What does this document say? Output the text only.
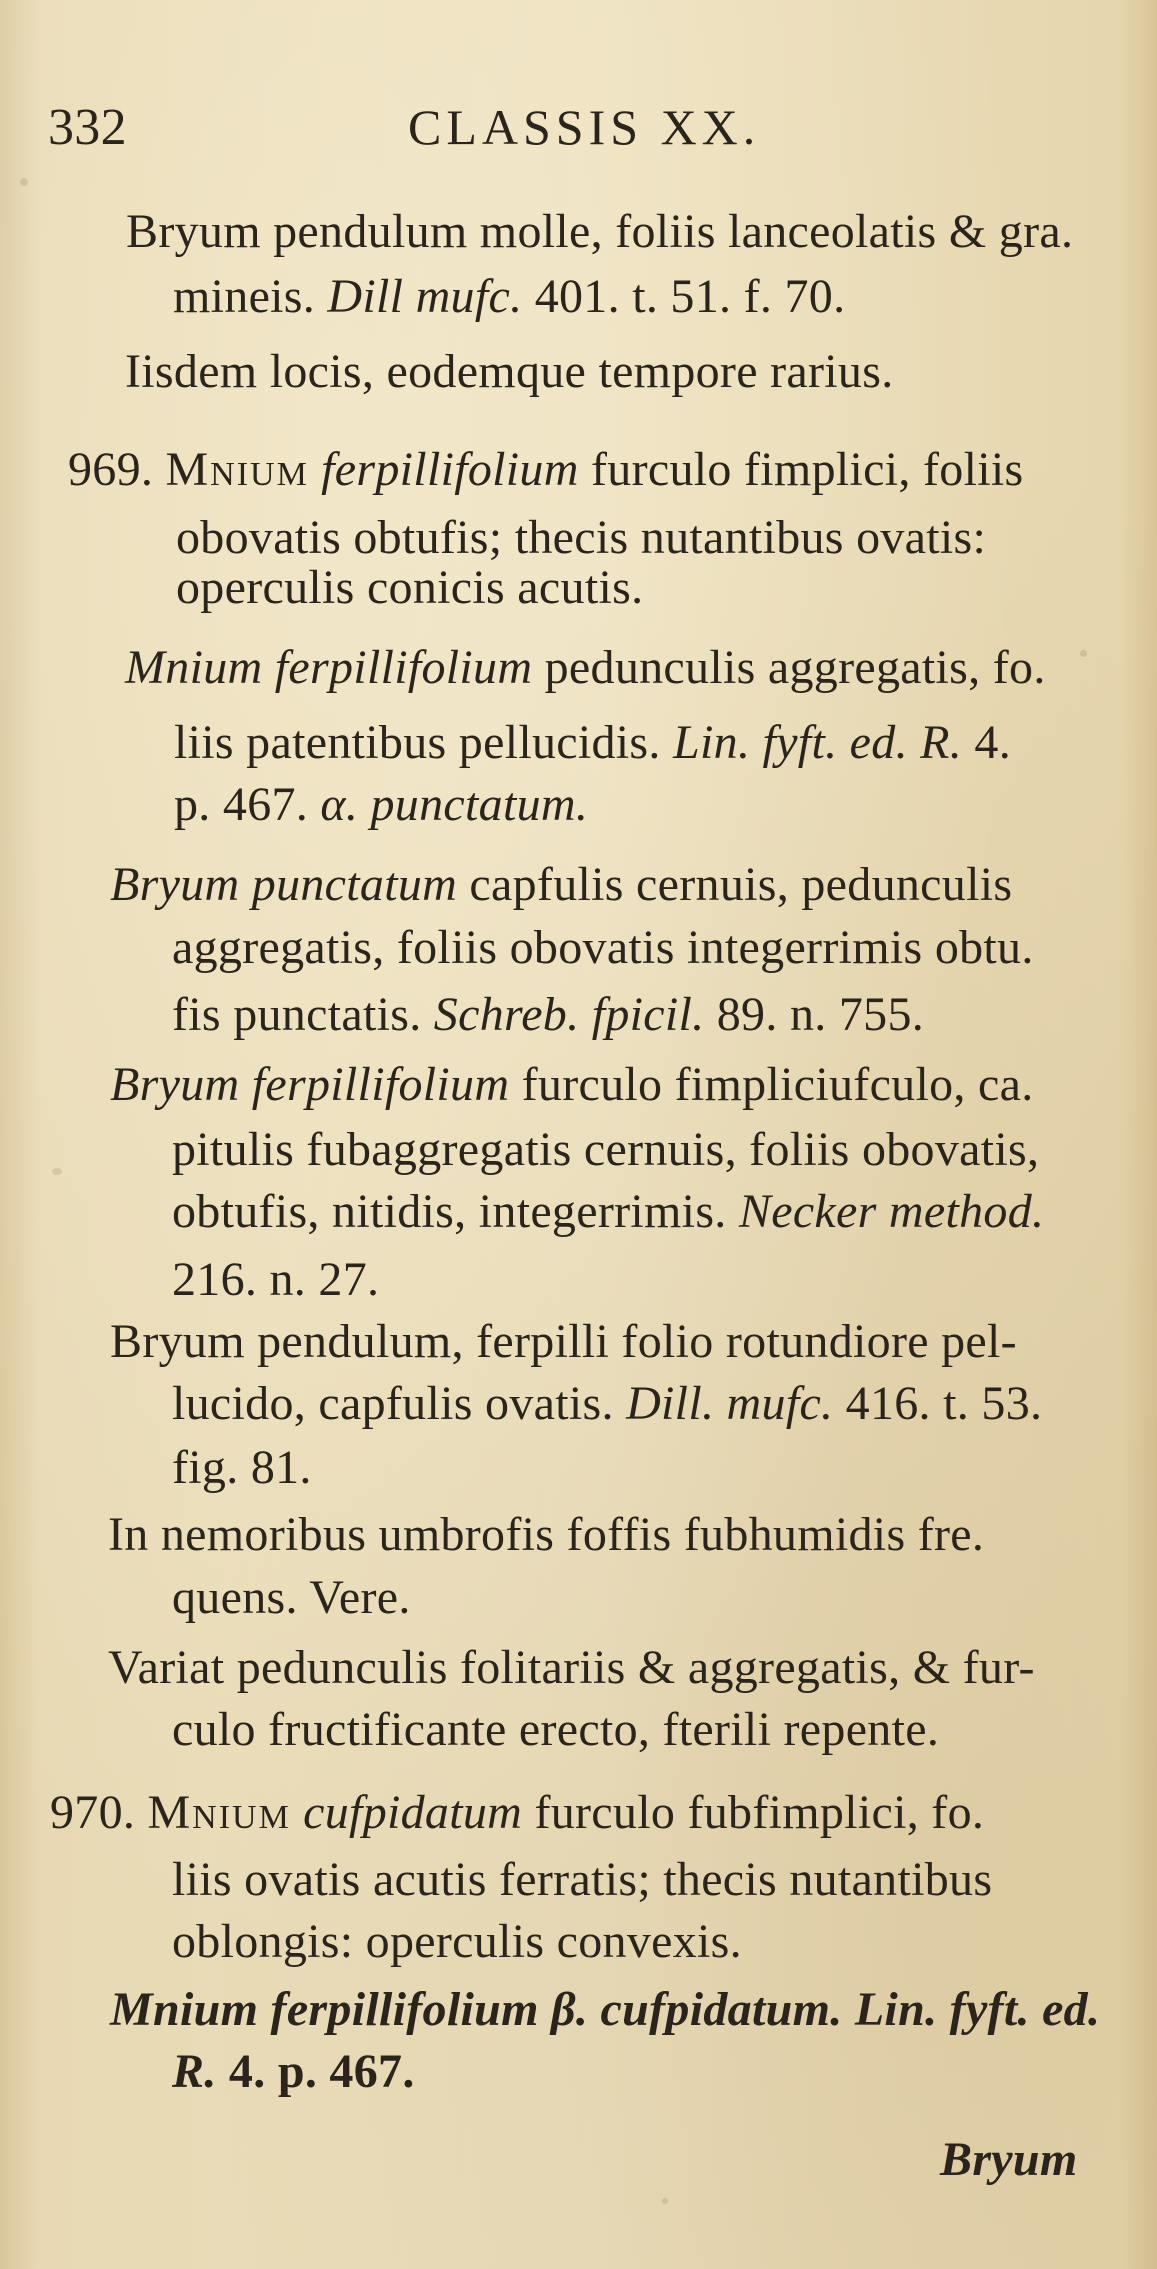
332	CLASSIS XX.
Bryum pendulum molle, foliis lanceolatis & gra.
mineis. Dill mufc. 401. t. 51. f. 70.
Iisdem locis, eodemque tempore rarius.
969. Mnium ferpillifolium furculo fimplici, foliis
obovatis obtufis; thecis nutantibus ovatis:
operculis conicis acutis.
Mnium ferpillifolium pedunculis aggregatis, fo.
liis patentibus pellucidis. Lin. fyft. ed. R. 4.
p. 467. α. punctatum.
Bryum punctatum capfulis cernuis, pedunculis
aggregatis, foliis obovatis integerrimis obtu.
fis punctatis. Schreb. fpicil. 89. n. 755.
Bryum ferpillifolium furculo fimpliciufculo, ca.
pitulis fubaggregatis cernuis, foliis obovatis,
obtufis, nitidis, integerrimis. Necker method.
216. n. 27.
Bryum pendulum, ferpilli folio rotundiore pel-
lucido, capfulis ovatis. Dill. mufc. 416. t. 53.
fig. 81.
In nemoribus umbrofis foffis fubhumidis fre.
quens. Vere.
Variat pedunculis folitariis & aggregatis, & fur-
culo fructificante erecto, fterili repente.
970. Mnium cufpidatum furculo fubfimplici, fo.
liis ovatis acutis ferratis; thecis nutantibus
oblongis: operculis convexis.
Mnium ferpillifolium β. cufpidatum. Lin. fyft. ed.
R. 4. p. 467.
Bryum
